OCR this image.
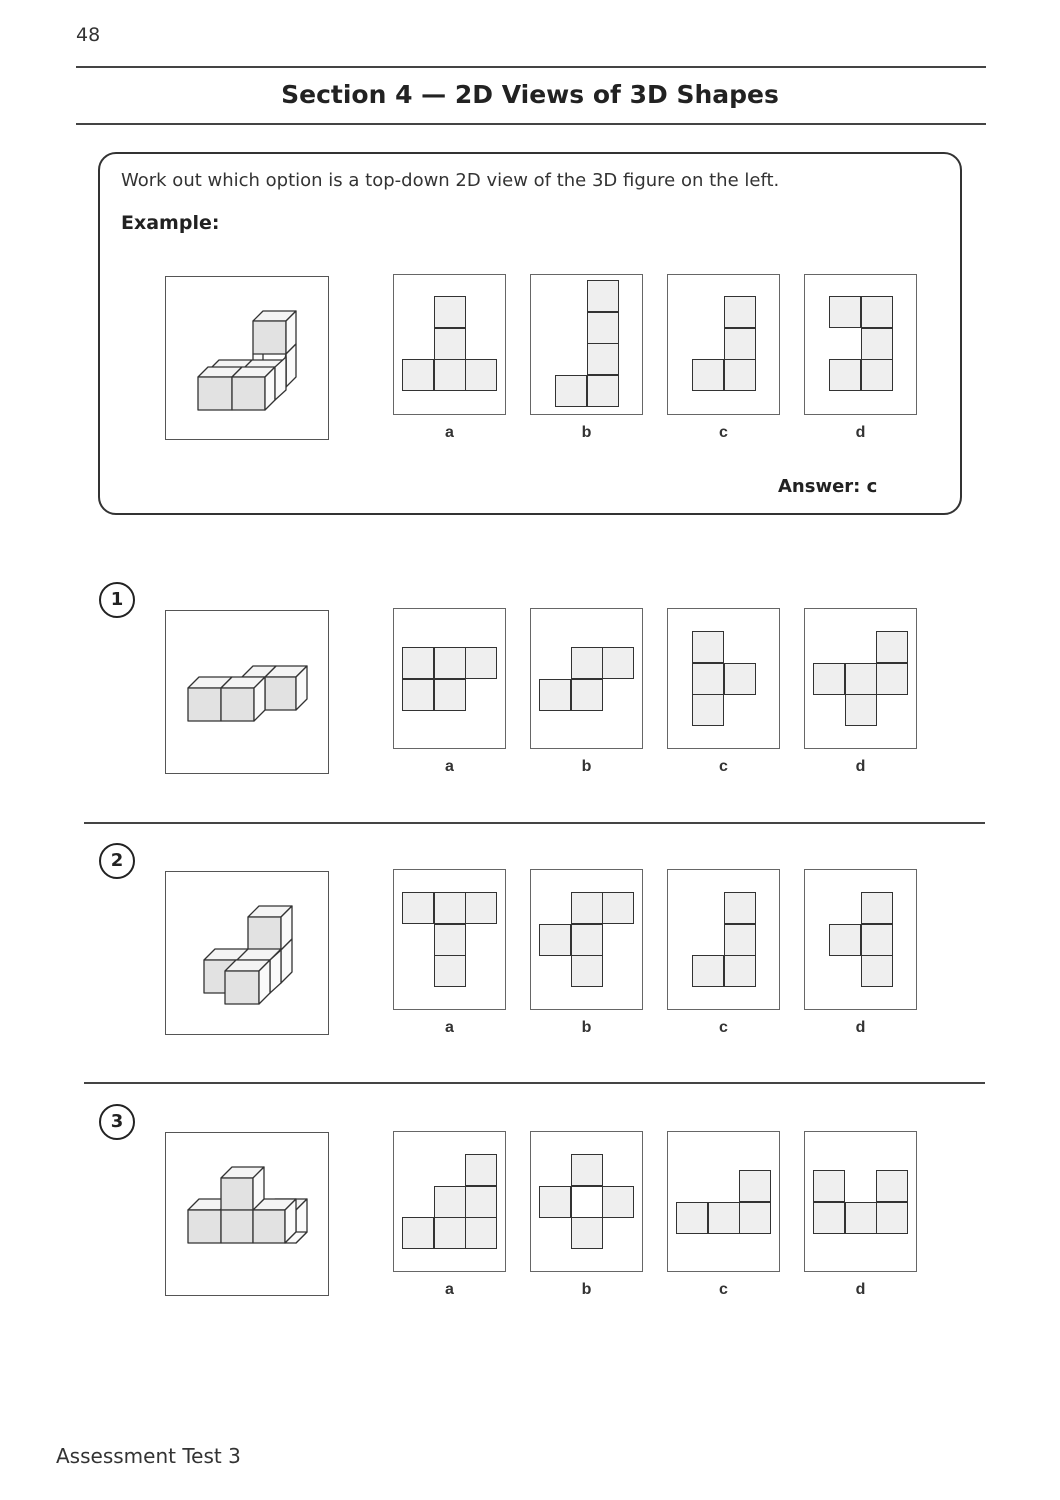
48
Section 4 — 2D Views of 3D Shapes
Work out which option is a top-down 2D view of the 3D figure on the left.
Example:
a	b	c	d
Answer: c
1
a	b	c	d
2
a	b	c	d
3
a	b	c	d
Assessment Test 3
